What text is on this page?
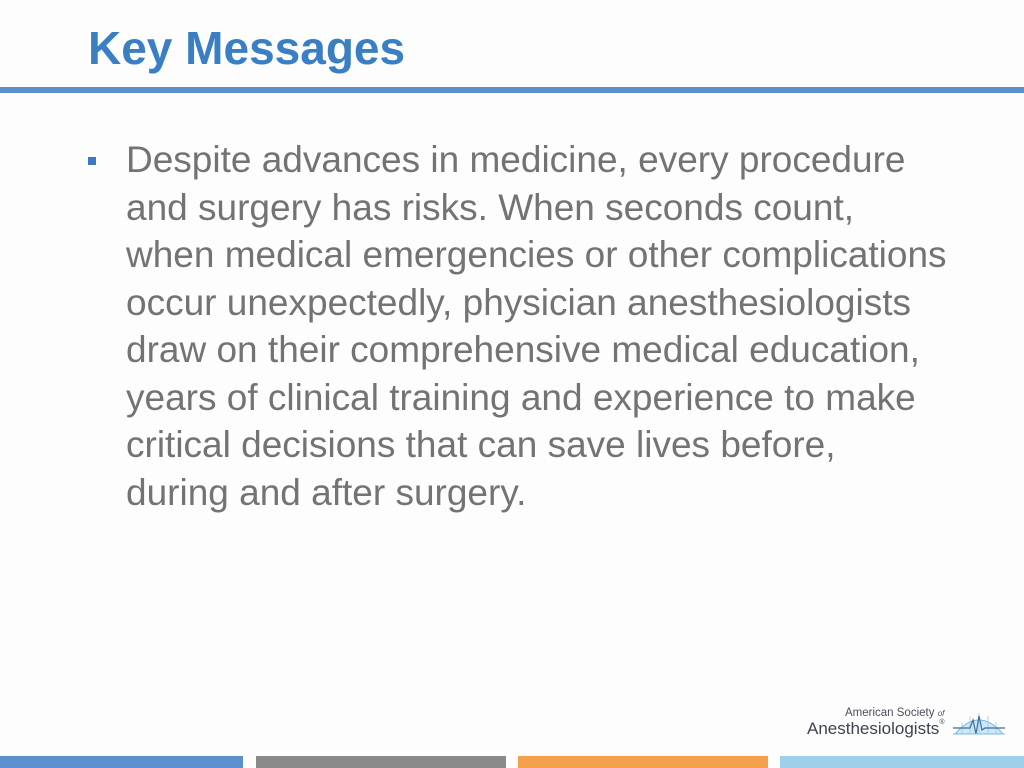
Key Messages
Despite advances in medicine, every procedure and surgery has risks. When seconds count, when medical emergencies or other complications occur unexpectedly, physician anesthesiologists draw on their comprehensive medical education, years of clinical training and experience to make critical decisions that can save lives before, during and after surgery.
American Society of
Anesthesiologists®
